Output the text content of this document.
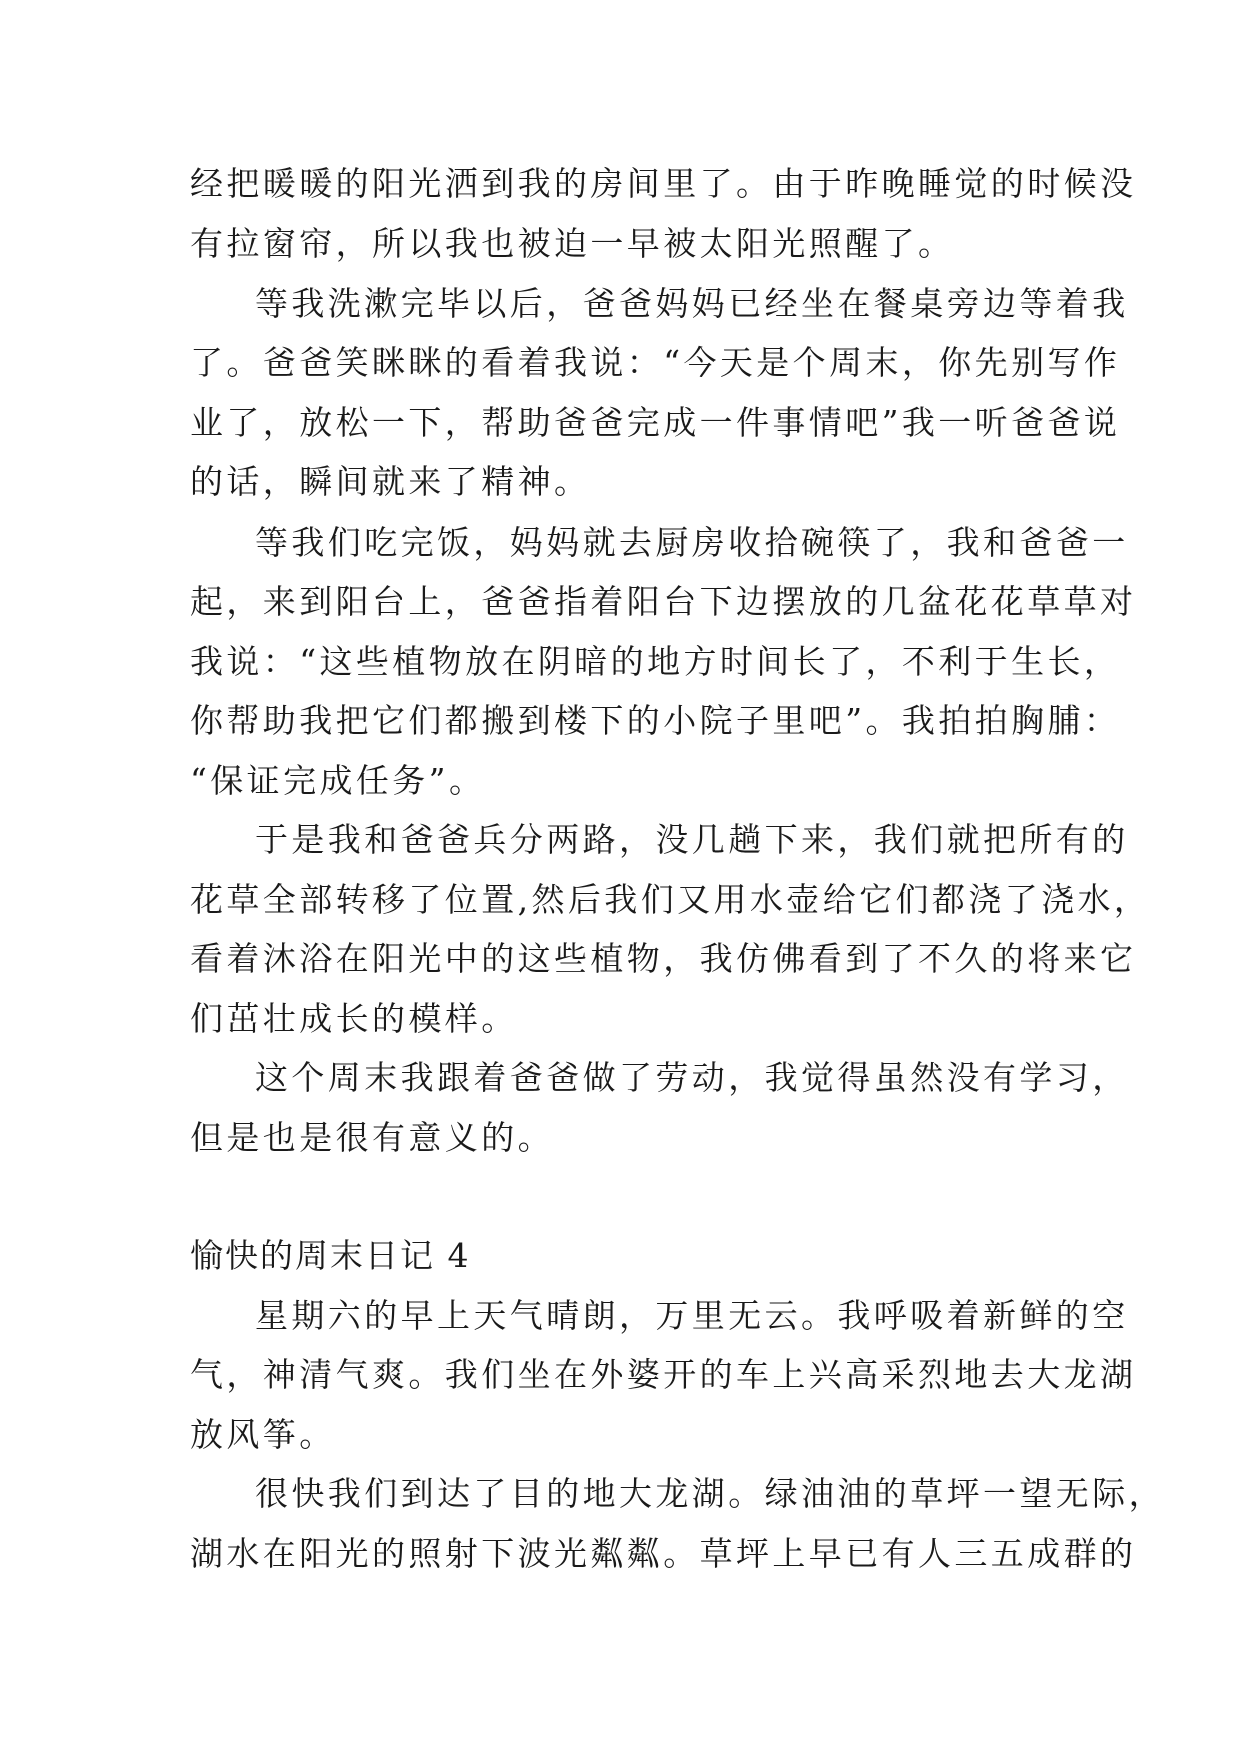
经把暖暖的阳光洒到我的房间里了。由于昨晚睡觉的时候没
有拉窗帘，所以我也被迫一早被太阳光照醒了。
等我洗漱完毕以后，爸爸妈妈已经坐在餐桌旁边等着我
了。爸爸笑眯眯的看着我说：“今天是个周末，你先别写作
业了，放松一下，帮助爸爸完成一件事情吧”我一听爸爸说
的话，瞬间就来了精神。
等我们吃完饭，妈妈就去厨房收拾碗筷了，我和爸爸一
起，来到阳台上，爸爸指着阳台下边摆放的几盆花花草草对
我说：“这些植物放在阴暗的地方时间长了，不利于生长，
你帮助我把它们都搬到楼下的小院子里吧”。我拍拍胸脯：
“保证完成任务”。
于是我和爸爸兵分两路，没几趟下来，我们就把所有的
花草全部转移了位置,然后我们又用水壶给它们都浇了浇水，
看着沐浴在阳光中的这些植物，我仿佛看到了不久的将来它
们茁壮成长的模样。
这个周末我跟着爸爸做了劳动，我觉得虽然没有学习，
但是也是很有意义的。
愉快的周末日记 4
星期六的早上天气晴朗，万里无云。我呼吸着新鲜的空
气，神清气爽。我们坐在外婆开的车上兴高采烈地去大龙湖
放风筝。
很快我们到达了目的地大龙湖。绿油油的草坪一望无际，
湖水在阳光的照射下波光粼粼。草坪上早已有人三五成群的
